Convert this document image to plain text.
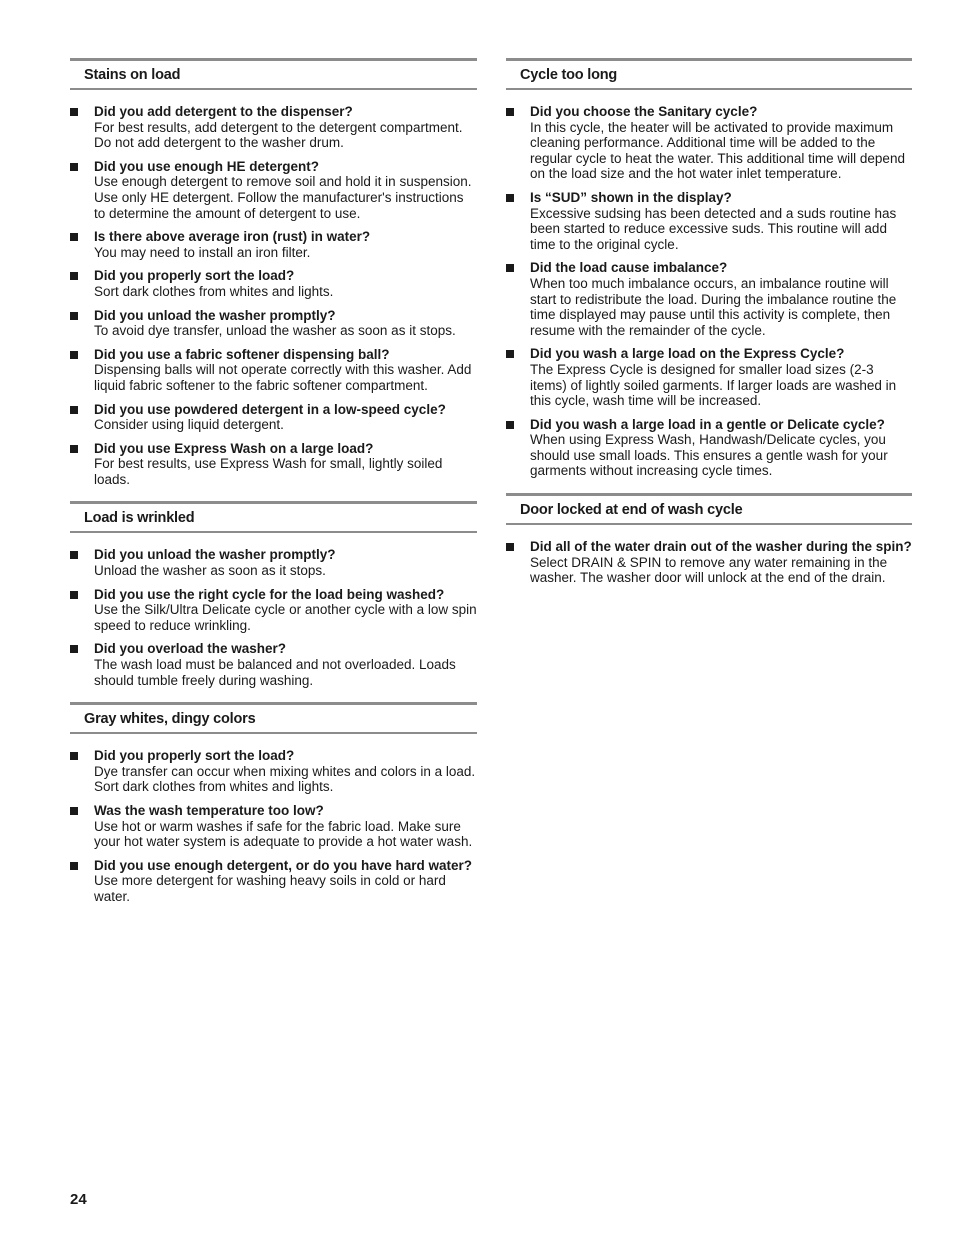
Stains on load
Did you add detergent to the dispenser?
For best results, add detergent to the detergent compartment. Do not add detergent to the washer drum.
Did you use enough HE detergent?
Use enough detergent to remove soil and hold it in suspension. Use only HE detergent. Follow the manufacturer's instructions to determine the amount of detergent to use.
Is there above average iron (rust) in water?
You may need to install an iron filter.
Did you properly sort the load?
Sort dark clothes from whites and lights.
Did you unload the washer promptly?
To avoid dye transfer, unload the washer as soon as it stops.
Did you use a fabric softener dispensing ball?
Dispensing balls will not operate correctly with this washer. Add liquid fabric softener to the fabric softener compartment.
Did you use powdered detergent in a low-speed cycle?
Consider using liquid detergent.
Did you use Express Wash on a large load?
For best results, use Express Wash for small, lightly soiled loads.
Load is wrinkled
Did you unload the washer promptly?
Unload the washer as soon as it stops.
Did you use the right cycle for the load being washed?
Use the Silk/Ultra Delicate cycle or another cycle with a low spin speed to reduce wrinkling.
Did you overload the washer?
The wash load must be balanced and not overloaded. Loads should tumble freely during washing.
Gray whites, dingy colors
Did you properly sort the load?
Dye transfer can occur when mixing whites and colors in a load. Sort dark clothes from whites and lights.
Was the wash temperature too low?
Use hot or warm washes if safe for the fabric load. Make sure your hot water system is adequate to provide a hot water wash.
Did you use enough detergent, or do you have hard water?
Use more detergent for washing heavy soils in cold or hard water.
Cycle too long
Did you choose the Sanitary cycle?
In this cycle, the heater will be activated to provide maximum cleaning performance. Additional time will be added to the regular cycle to heat the water. This additional time will depend on the load size and the hot water inlet temperature.
Is “SUD” shown in the display?
Excessive sudsing has been detected and a suds routine has been started to reduce excessive suds. This routine will add time to the original cycle.
Did the load cause imbalance?
When too much imbalance occurs, an imbalance routine will start to redistribute the load. During the imbalance routine the time displayed may pause until this activity is complete, then resume with the remainder of the cycle.
Did you wash a large load on the Express Cycle?
The Express Cycle is designed for smaller load sizes (2-3 items) of lightly soiled garments. If larger loads are washed in this cycle, wash time will be increased.
Did you wash a large load in a gentle or Delicate cycle?
When using Express Wash, Handwash/Delicate cycles, you should use small loads. This ensures a gentle wash for your garments without increasing cycle times.
Door locked at end of wash cycle
Did all of the water drain out of the washer during the spin?
Select DRAIN & SPIN to remove any water remaining in the washer. The washer door will unlock at the end of the drain.
24
